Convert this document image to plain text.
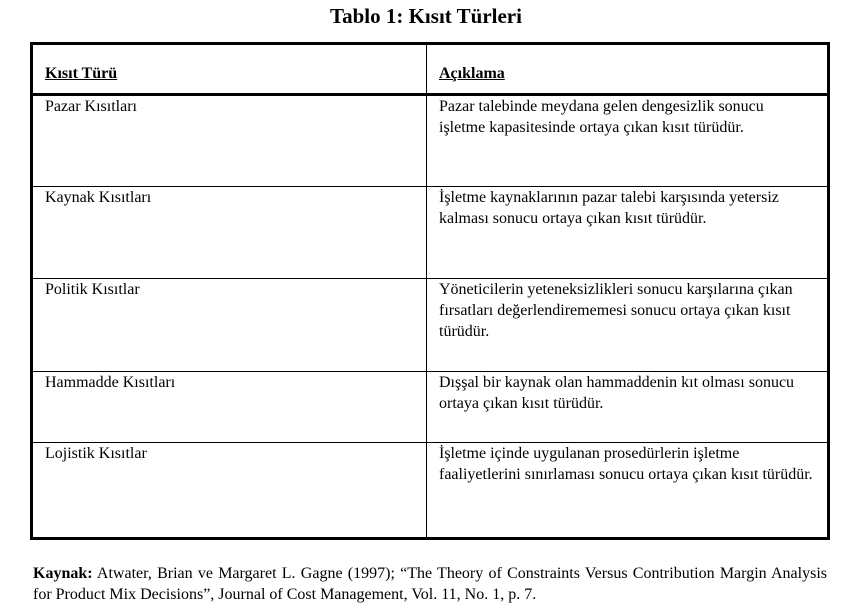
Tablo 1: Kısıt Türleri
Kısıt Türü	Açıklama
Pazar Kısıtları	Pazar talebinde meydana gelen dengesizlik sonucu işletme kapasitesinde ortaya çıkan kısıt türüdür.
Kaynak Kısıtları	İşletme kaynaklarının pazar talebi karşısında yetersiz kalması sonucu ortaya çıkan kısıt türüdür.
Politik Kısıtlar	Yöneticilerin yeteneksizlikleri sonucu karşılarına çıkan fırsatları değerlendirememesi sonucu ortaya çıkan kısıt türüdür.
Hammadde Kısıtları	Dışşal bir kaynak olan hammaddenin kıt olması sonucu ortaya çıkan kısıt türüdür.
Lojistik Kısıtlar	İşletme içinde uygulanan prosedürlerin işletme faaliyetlerini sınırlaması sonucu ortaya çıkan kısıt türüdür.
Kaynak: Atwater, Brian ve Margaret L. Gagne (1997); “The Theory of Constraints Versus Contribution Margin Analysis for Product Mix Decisions”, Journal of Cost Management, Vol. 11, No. 1, p. 7.
